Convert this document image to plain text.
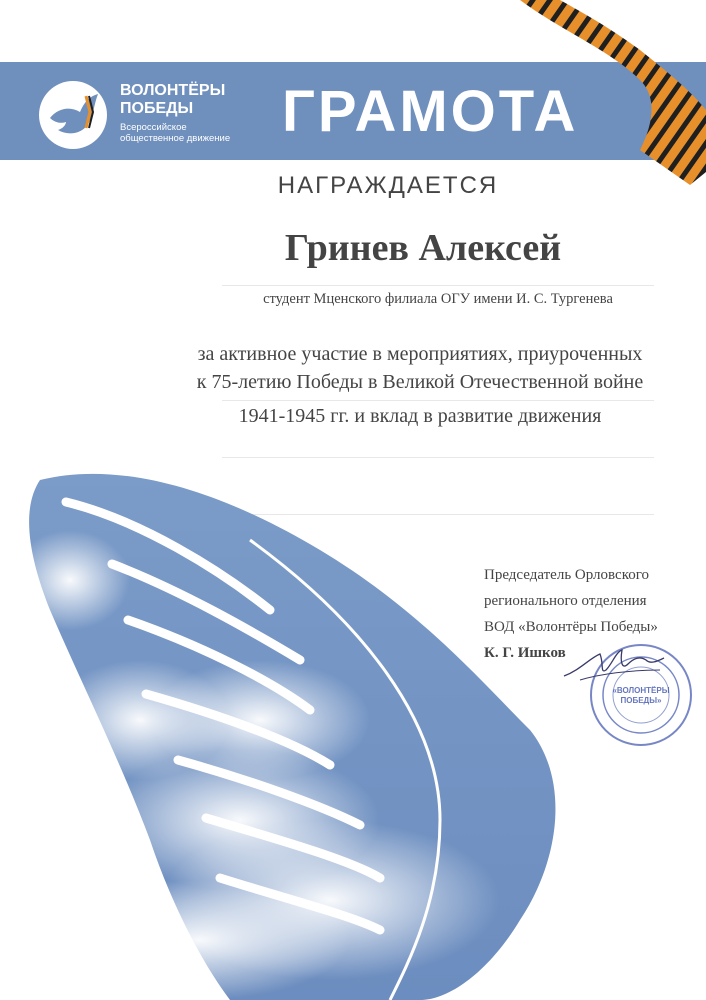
ВОЛОНТЁРЫ
ПОБЕДЫ
Всероссийское
общественное движение ГРАМОТА
НАГРАЖДАЕТСЯ
Гринев Алексей
студент Мценского филиала ОГУ имени И. С. Тургенева
за активное участие в мероприятиях, приуроченных
к 75-летию Победы в Великой Отечественной войне
1941-1945 гг. и вклад в развитие движения
Председатель Орловского
регионального отделения
ВОД «Волонтёры Победы»
К. Г. Ишков
«ВОЛОНТЁРЫ
ПОБЕДЫ»
